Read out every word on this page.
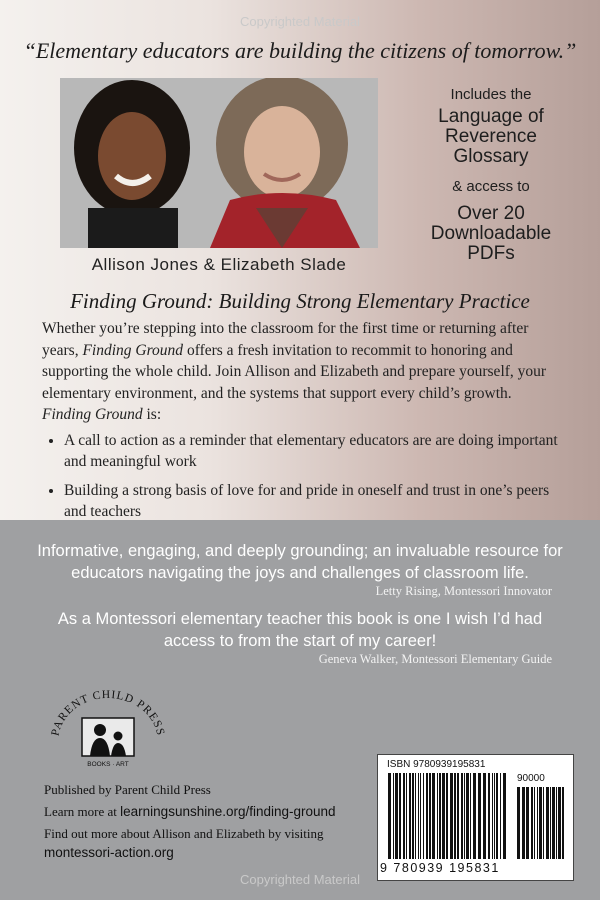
Copyrighted Material
“Elementary educators are building the citizens of tomorrow.”
Allison Jones & Elizabeth Slade
Includes the
Language of
Reverence
Glossary
& access to
Over 20
Downloadable
PDFs
Finding Ground: Building Strong Elementary Practice

Whether you’re stepping into the classroom for the first time or returning after years, Finding Ground offers a fresh invitation to recommit to honoring and supporting the whole child. Join Allison and Elizabeth and prepare yourself, your elementary environment, and the systems that support every child’s growth. Finding Ground is:

• A call to action as a reminder that elementary educators are are doing important and meaningful work
• Building a strong basis of love for and pride in oneself and trust in one’s peers and teachers
Informative, engaging, and deeply grounding; an invaluable resource for educators navigating the joys and challenges of classroom life.
Letty Rising, Montessori Innovator
As a Montessori elementary teacher this book is one I wish I’d had access to from the start of my career!
Geneva Walker, Montessori Elementary Guide
PARENT CHILD PRESS
BOOKS · ART
Published by Parent Child Press
Learn more at learningsunshine.org/finding-ground
Find out more about Allison and Elizabeth by visiting
montessori-action.org
ISBN 9780939195831
90000
9 780939 195831
Copyrighted Material
